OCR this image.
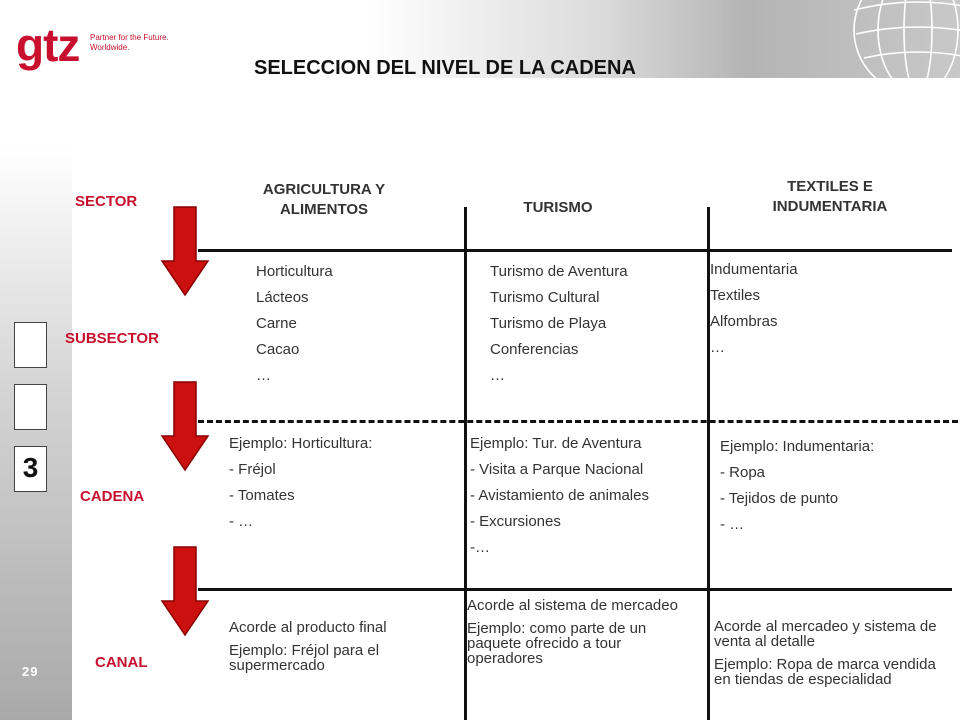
gtz Partner for the Future.
Worldwide.
SELECCION DEL NIVEL DE LA CADENA
3
29
SECTOR
SUBSECTOR
CADENA
CANAL
AGRICULTURA Y ALIMENTOS	TURISMO
TEXTILES E INDUMENTARIA
Horticultura
Lácteos
Carne
Cacao
…
Turismo de Aventura
Turismo Cultural
Turismo de Playa
Conferencias
…
Indumentaria
Textiles
Alfombras
…
Ejemplo: Horticultura:
- Fréjol
- Tomates
- …
Ejemplo: Tur. de Aventura
- Visita a Parque Nacional
- Avistamiento de animales
- Excursiones
-…
Ejemplo: Indumentaria:
- Ropa
- Tejidos de punto
- …
Acorde al producto final
Ejemplo: Fréjol para el supermercado
Acorde al sistema de mercadeo
Ejemplo: como parte de un paquete ofrecido a tour operadores
Acorde al mercadeo y sistema de venta al detalle
Ejemplo: Ropa de marca vendida en tiendas de especialidad
